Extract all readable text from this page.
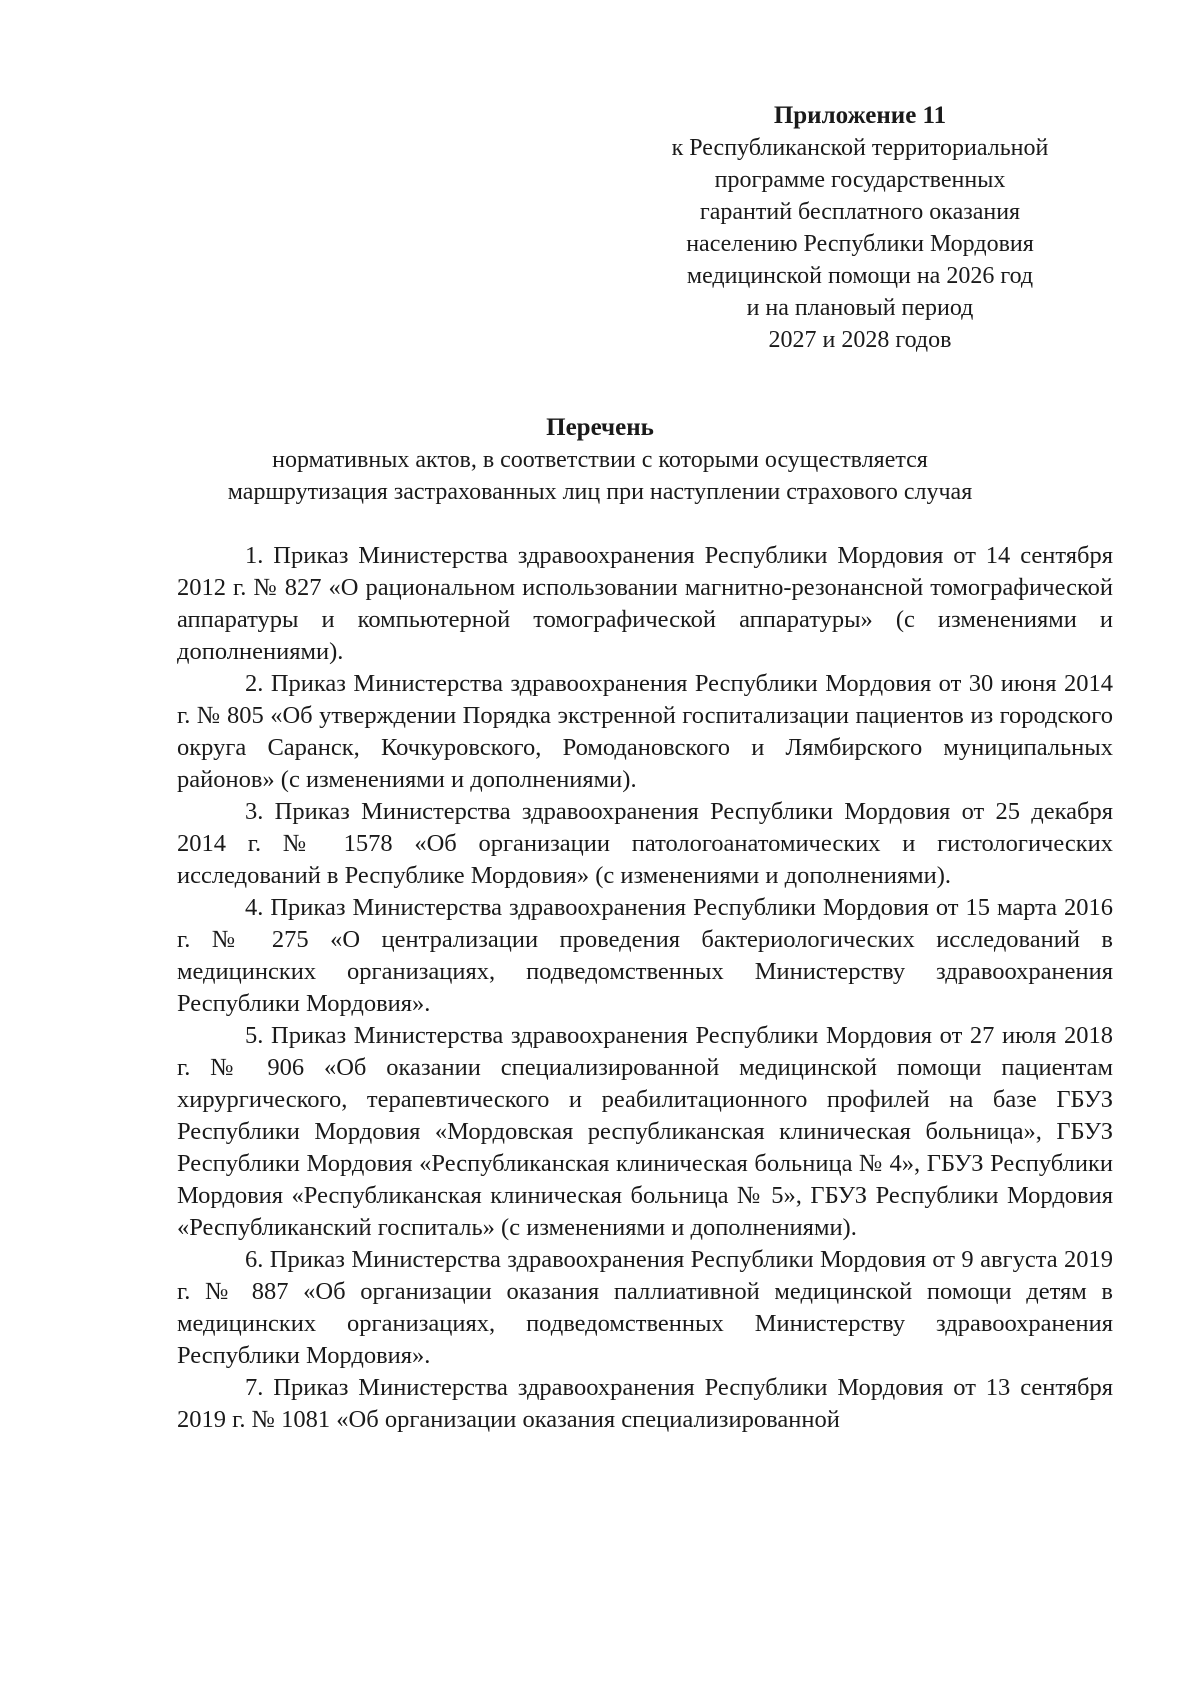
Приложение 11
к Республиканской территориальной
программе государственных
гарантий бесплатного оказания
населению Республики Мордовия
медицинской помощи на 2026 год
и на плановый период
2027 и 2028 годов
Перечень
нормативных актов, в соответствии с которыми осуществляется
маршрутизация застрахованных лиц при наступлении страхового случая

1. Приказ Министерства здравоохранения Республики Мордовия от 14 сентября 2012 г. № 827 «О рациональном использовании магнитно-резонансной томографической аппаратуры и компьютерной томографической аппаратуры» (с изменениями и дополнениями).

2. Приказ Министерства здравоохранения Республики Мордовия от 30 июня 2014 г. № 805 «Об утверждении Порядка экстренной госпитализации пациентов из городского округа Саранск, Кочкуровского, Ромодановского и Лямбирского муниципальных районов» (с изменениями и дополнениями).

3. Приказ Министерства здравоохранения Республики Мордовия от 25 декабря 2014 г. № 1578 «Об организации патологоанатомических и гистологических исследований в Республике Мордовия» (с изменениями и дополнениями).

4. Приказ Министерства здравоохранения Республики Мордовия от 15 марта 2016 г. № 275 «О централизации проведения бактериологических исследований в медицинских организациях, подведомственных Министерству здравоохранения Республики Мордовия».

5. Приказ Министерства здравоохранения Республики Мордовия от 27 июля 2018 г. № 906 «Об оказании специализированной медицинской помощи пациентам хирургического, терапевтического и реабилитационного профилей на базе ГБУЗ Республики Мордовия «Мордовская республиканская клиническая больница», ГБУЗ Республики Мордовия «Республиканская клиническая больница № 4», ГБУЗ Республики Мордовия «Республиканская клиническая больница № 5», ГБУЗ Республики Мордовия «Республиканский госпиталь» (с изменениями и дополнениями).

6. Приказ Министерства здравоохранения Республики Мордовия от 9 августа 2019 г. № 887 «Об организации оказания паллиативной медицинской помощи детям в медицинских организациях, подведомственных Министерству здравоохранения Республики Мордовия».

7. Приказ Министерства здравоохранения Республики Мордовия от 13 сентября 2019 г. № 1081 «Об организации оказания специализированной
